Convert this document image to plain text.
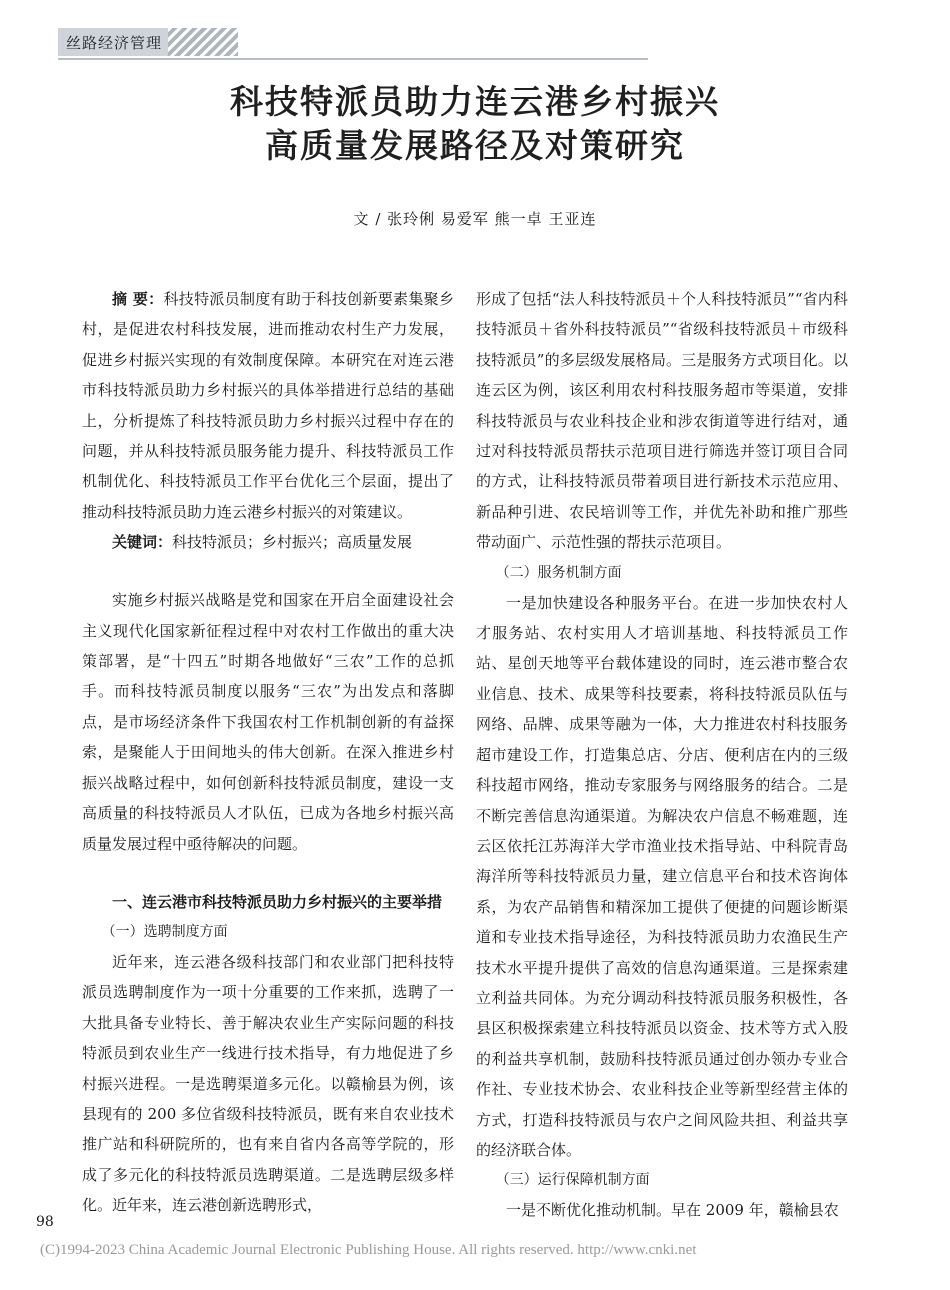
丝路经济管理
科技特派员助力连云港乡村振兴
高质量发展路径及对策研究
文 / 张玲俐 易爱军 熊一卓 王亚连

摘 要：科技特派员制度有助于科技创新要素集聚乡村，是促进农村科技发展，进而推动农村生产力发展，促进乡村振兴实现的有效制度保障。本研究在对连云港市科技特派员助力乡村振兴的具体举措进行总结的基础上，分析提炼了科技特派员助力乡村振兴过程中存在的问题，并从科技特派员服务能力提升、科技特派员工作机制优化、科技特派员工作平台优化三个层面，提出了推动科技特派员助力连云港乡村振兴的对策建议。

关键词：科技特派员；乡村振兴；高质量发展

实施乡村振兴战略是党和国家在开启全面建设社会主义现代化国家新征程过程中对农村工作做出的重大决策部署，是“十四五”时期各地做好“三农”工作的总抓手。而科技特派员制度以服务“三农”为出发点和落脚点，是市场经济条件下我国农村工作机制创新的有益探索，是聚能人于田间地头的伟大创新。在深入推进乡村振兴战略过程中，如何创新科技特派员制度，建设一支高质量的科技特派员人才队伍，已成为各地乡村振兴高质量发展过程中亟待解决的问题。

一、连云港市科技特派员助力乡村振兴的主要举措

（一）选聘制度方面

近年来，连云港各级科技部门和农业部门把科技特派员选聘制度作为一项十分重要的工作来抓，选聘了一大批具备专业特长、善于解决农业生产实际问题的科技特派员到农业生产一线进行技术指导，有力地促进了乡村振兴进程。一是选聘渠道多元化。以赣榆县为例，该县现有的 200 多位省级科技特派员，既有来自农业技术推广站和科研院所的，也有来自省内各高等学院的，形成了多元化的科技特派员选聘渠道。二是选聘层级多样化。近年来，连云港创新选聘形式，

形成了包括“法人科技特派员＋个人科技特派员”“省内科技特派员＋省外科技特派员”“省级科技特派员＋市级科技特派员”的多层级发展格局。三是服务方式项目化。以连云区为例，该区利用农村科技服务超市等渠道，安排科技特派员与农业科技企业和涉农街道等进行结对，通过对科技特派员帮扶示范项目进行筛选并签订项目合同的方式，让科技特派员带着项目进行新技术示范应用、新品种引进、农民培训等工作，并优先补助和推广那些带动面广、示范性强的帮扶示范项目。

（二）服务机制方面

一是加快建设各种服务平台。在进一步加快农村人才服务站、农村实用人才培训基地、科技特派员工作站、星创天地等平台载体建设的同时，连云港市整合农业信息、技术、成果等科技要素，将科技特派员队伍与网络、品牌、成果等融为一体，大力推进农村科技服务超市建设工作，打造集总店、分店、便利店在内的三级科技超市网络，推动专家服务与网络服务的结合。二是不断完善信息沟通渠道。为解决农户信息不畅难题，连云区依托江苏海洋大学市渔业技术指导站、中科院青岛海洋所等科技特派员力量，建立信息平台和技术咨询体系，为农产品销售和精深加工提供了便捷的问题诊断渠道和专业技术指导途径，为科技特派员助力农渔民生产技术水平提升提供了高效的信息沟通渠道。三是探索建立利益共同体。为充分调动科技特派员服务积极性，各县区积极探索建立科技特派员以资金、技术等方式入股的利益共享机制，鼓励科技特派员通过创办领办专业合作社、专业技术协会、农业科技企业等新型经营主体的方式，打造科技特派员与农户之间风险共担、利益共享的经济联合体。

（三）运行保障机制方面

一是不断优化推动机制。早在 2009 年，赣榆县农

98
(C)1994-2023 China Academic Journal Electronic Publishing House. All rights reserved. http://www.cnki.net
